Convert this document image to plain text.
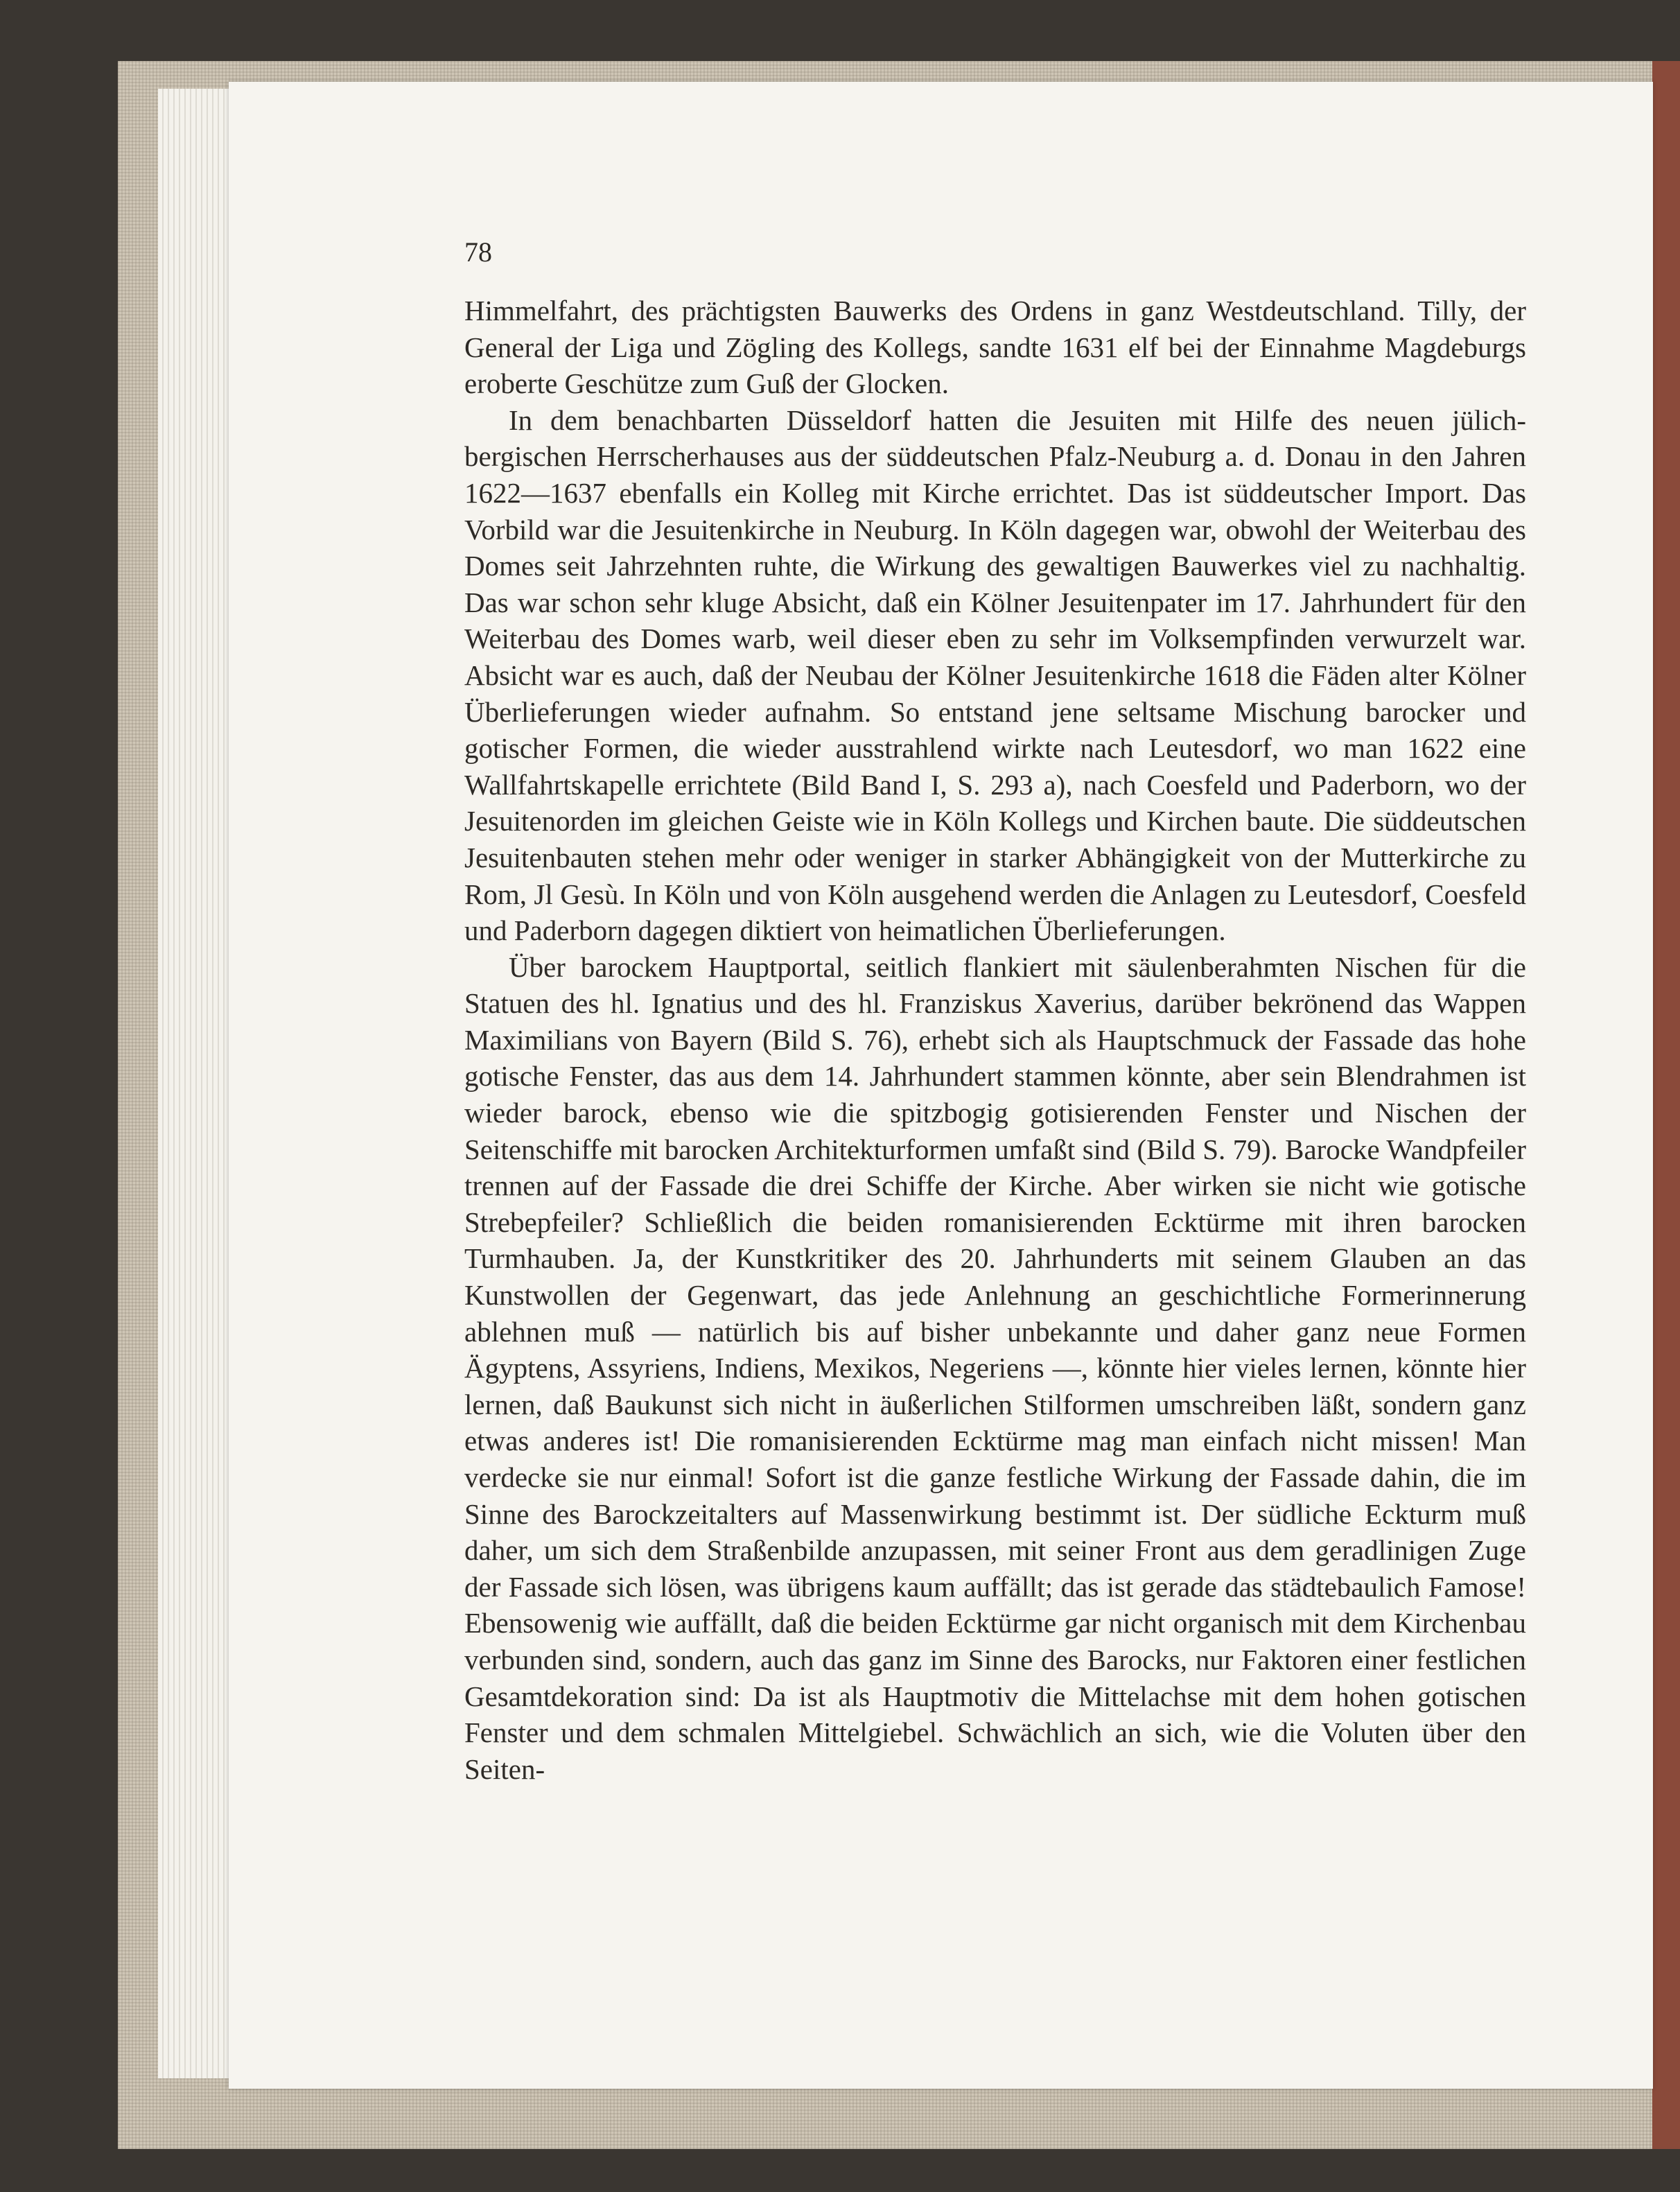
78

Himmelfahrt, des prächtigsten Bauwerks des Ordens in ganz Westdeutschland. Tilly, der General der Liga und Zögling des Kollegs, sandte 1631 elf bei der Einnahme Magdeburgs eroberte Geschütze zum Guß der Glocken.

In dem benachbarten Düsseldorf hatten die Jesuiten mit Hilfe des neuen jülich-bergischen Herrscherhauses aus der süddeutschen Pfalz-Neuburg a. d. Donau in den Jahren 1622—1637 ebenfalls ein Kolleg mit Kirche errichtet. Das ist süddeutscher Import. Das Vorbild war die Jesuitenkirche in Neuburg. In Köln dagegen war, obwohl der Weiterbau des Domes seit Jahrzehnten ruhte, die Wirkung des gewaltigen Bauwerkes viel zu nachhaltig. Das war schon sehr kluge Absicht, daß ein Kölner Jesuitenpater im 17. Jahrhundert für den Weiterbau des Domes warb, weil dieser eben zu sehr im Volksempfinden verwurzelt war. Absicht war es auch, daß der Neubau der Kölner Jesuitenkirche 1618 die Fäden alter Kölner Überlieferungen wieder aufnahm. So entstand jene seltsame Mischung barocker und gotischer Formen, die wieder ausstrahlend wirkte nach Leutesdorf, wo man 1622 eine Wallfahrtskapelle errichtete (Bild Band I, S. 293 a), nach Coesfeld und Paderborn, wo der Jesuitenorden im gleichen Geiste wie in Köln Kollegs und Kirchen baute. Die süddeutschen Jesuitenbauten stehen mehr oder weniger in starker Abhängigkeit von der Mutterkirche zu Rom, Jl Gesù. In Köln und von Köln ausgehend werden die Anlagen zu Leutesdorf, Coesfeld und Paderborn dagegen diktiert von heimatlichen Überlieferungen.

Über barockem Hauptportal, seitlich flankiert mit säulenberahmten Nischen für die Statuen des hl. Ignatius und des hl. Franziskus Xaverius, darüber bekrönend das Wappen Maximilians von Bayern (Bild S. 76), erhebt sich als Hauptschmuck der Fassade das hohe gotische Fenster, das aus dem 14. Jahrhundert stammen könnte, aber sein Blendrahmen ist wieder barock, ebenso wie die spitzbogig gotisierenden Fenster und Nischen der Seitenschiffe mit barocken Architekturformen umfaßt sind (Bild S. 79). Barocke Wandpfeiler trennen auf der Fassade die drei Schiffe der Kirche. Aber wirken sie nicht wie gotische Strebepfeiler? Schließlich die beiden romanisierenden Ecktürme mit ihren barocken Turmhauben. Ja, der Kunstkritiker des 20. Jahrhunderts mit seinem Glauben an das Kunstwollen der Gegenwart, das jede Anlehnung an geschichtliche Formerinnerung ablehnen muß — natürlich bis auf bisher unbekannte und daher ganz neue Formen Ägyptens, Assyriens, Indiens, Mexikos, Negeriens —, könnte hier vieles lernen, könnte hier lernen, daß Baukunst sich nicht in äußerlichen Stilformen umschreiben läßt, sondern ganz etwas anderes ist! Die romanisierenden Ecktürme mag man einfach nicht missen! Man verdecke sie nur einmal! Sofort ist die ganze festliche Wirkung der Fassade dahin, die im Sinne des Barockzeitalters auf Massenwirkung bestimmt ist. Der südliche Eckturm muß daher, um sich dem Straßenbilde anzupassen, mit seiner Front aus dem geradlinigen Zuge der Fassade sich lösen, was übrigens kaum auffällt; das ist gerade das städtebaulich Famose! Ebensowenig wie auffällt, daß die beiden Ecktürme gar nicht organisch mit dem Kirchenbau verbunden sind, sondern, auch das ganz im Sinne des Barocks, nur Faktoren einer festlichen Gesamtdekoration sind: Da ist als Hauptmotiv die Mittelachse mit dem hohen gotischen Fenster und dem schmalen Mittelgiebel. Schwächlich an sich, wie die Voluten über den Seiten-
